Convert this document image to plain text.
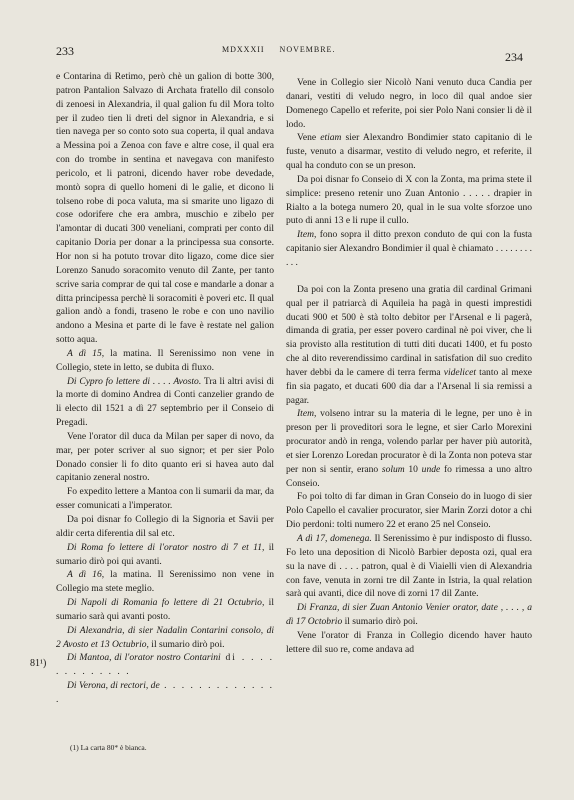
233	MDXXXII NOVEMBRE.
234

e Contarina di Retimo, però chè un galion di botte 300, patron Pantalion Salvazo di Archata fratello dil consolo di zenoesi in Alexandria, il qual galion fu dil Mora tolto per il zudeo tien li dreti del signor in Alexandria, e si tien navega per so conto soto sua coperta, il qual andava a Messina poi a Zenoa con fave e altre cose, il qual era con do trombe in sentina et navegava con manifesto pericolo, et li patroni, dicendo haver robe devedade, montò sopra di quello homeni di le galie, et dicono li tolseno robe di poca valuta, ma si smarite uno ligazo di cose odorifere che era ambra, muschio e zibelo per l'amontar di ducati 300 veneliani, comprati per conto dil capitanio Doria per donar a la principessa sua consorte. Hor non si ha potuto trovar dito ligazo, come dice sier Lorenzo Sanudo soracomito venuto dil Zante, per tanto scrive saria comprar de qui tal cose e mandarle a donar a ditta principessa perchè li soracomiti è poveri etc. Il qual galion andò a fondi, traseno le robe e con uno navilio andono a Mesina et parte di le fave è restate nel galion sotto aqua.

A dì 15, la matina. Il Serenissimo non vene in Collegio, stete in letto, se dubita di fluxo.

Di Cypro fo lettere di . . . . Avosto. Tra li altri avisi di la morte di domino Andrea di Conti canzelier grando de li electo dil 1521 a dì 27 septembrio per il Conseio di Pregadi.

Vene l'orator dil duca da Milan per saper di novo, da mar, per poter scriver al suo signor; et per sier Polo Donado consier li fo dito quanto eri si havea auto dal capitanio zeneral nostro.

Fo expedito lettere a Mantoa con li sumarii da mar, da esser comunicati a l'imperator.

Da poi disnar fo Collegio di la Signoria et Savii per aldir certa diferentia dil sal etc.

Di Roma fo lettere di l'orator nostro di 7 et 11, il sumario dirò poi qui avanti.

A dì 16, la matina. Il Serenissimo non vene in Collegio ma stete meglio.

Di Napoli di Romania fo lettere di 21 Octubrio, il sumario sarà qui avanti posto.

Di Alexandria, di sier Nadalin Contarini consolo, di 2 Avosto et 13 Octubrio, il sumario dirò poi.

Di Mantoa, di l'orator nostro Contarini di . . . . . . . . . . . . .

Di Verona, di rectori, de . . . . . . . . . . . . . .

81¹)

Vene in Collegio sier Nicolò Nani venuto duca Candia per danari, vestiti di veludo negro, in loco dil qual andoe sier Domenego Capello et referite, poi sier Polo Nani consier li dè il lodo.

Vene etiam sier Alexandro Bondimier stato capitanio di le fuste, venuto a disarmar, vestito di veludo negro, et referite, il qual ha conduto con se un preson.

Da poi disnar fo Conseio di X con la Zonta, ma prima stete il simplice: preseno retenir uno Zuan Antonio . . . . . drapier in Rialto a la botega numero 20, qual in le sua volte sforzoe uno puto di anni 13 e li rupe il cullo.

Item, fono sopra il ditto prexon conduto de qui con la fusta capitanio sier Alexandro Bondimier il qual è chiamato . . . . . . . . . . .

Da poi con la Zonta preseno una gratia dil cardinal Grimani qual per il patriarcà di Aquileia ha pagà in questi imprestidi ducati 900 et 500 è stà tolto debitor per l'Arsenal e li pagerà, dimanda di gratia, per esser povero cardinal nè poi viver, che li sia provisto alla restitution di tutti diti ducati 1400, et fu posto che al dito reverendissimo cardinal in satisfation dil suo credito haver debbi da le camere di terra ferma videlicet tanto al mexe fin sia pagato, et ducati 600 dia dar a l'Arsenal li sia remissi a pagar.

Item, volseno intrar su la materia di le legne, per uno è in preson per li proveditori sora le legne, et sier Carlo Morexini procurator andò in renga, volendo parlar per haver più autorità, et sier Lorenzo Loredan procurator è di la Zonta non poteva star per non si sentir, erano solum 10 unde fo rimessa a uno altro Conseio.

Fo poi tolto di far diman in Gran Conseio do in luogo di sier Polo Capello el cavalier procurator, sier Marin Zorzi dotor a chi Dio perdoni: tolti numero 22 et erano 25 nel Conseio.

A dì 17, domenega. Il Serenissimo è pur indisposto di flusso. Fo leto una deposition di Nicolò Barbier deposta ozi, qual era su la nave di . . . . patron, qual è di Viaielli vien di Alexandria con fave, venuta in zorni tre dil Zante in Istria, la qual relation sarà qui avanti, dice dil nove di zorni 17 dil Zante.

Di Franza, di sier Zuan Antonio Venier orator, date , . . . , a dì 17 Octobrio il sumario dirò poi.

Vene l'orator di Franza in Collegio dicendo haver hauto lettere dil suo re, come andava ad

(1) La carta 80* è bianca.
